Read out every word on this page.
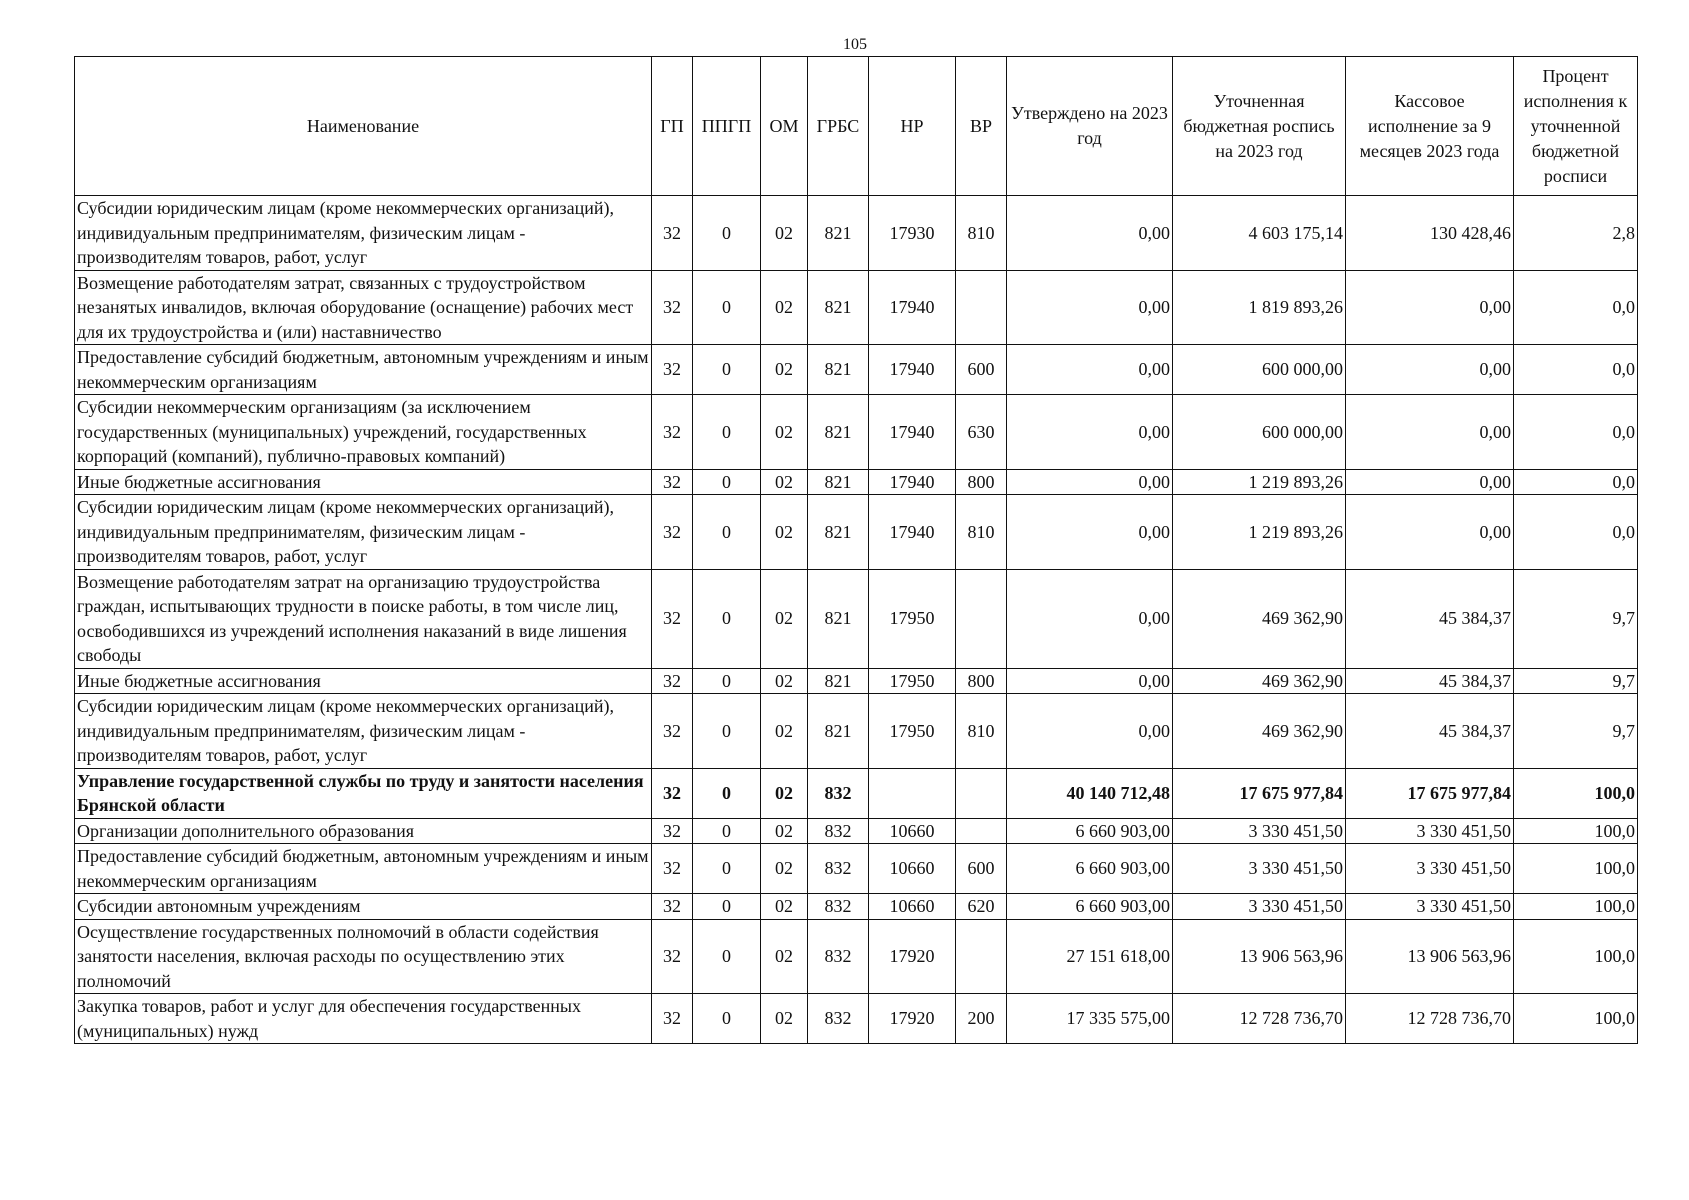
105
Наименование	ГП	ППГП	ОМ	ГРБС	НР	ВР	Утверждено на 2023 год	Уточненная бюджетная роспись на 2023 год	Кассовое исполнение за 9 месяцев 2023 года	Процент исполнения к уточненной бюджетной росписи
Субсидии юридическим лицам (кроме некоммерческих организаций), индивидуальным предпринимателям, физическим лицам - производителям товаров, работ, услуг	32	0	02	821	17930	810	0,00	4 603 175,14	130 428,46	2,8
Возмещение работодателям затрат, связанных с трудоустройством незанятых инвалидов, включая оборудование (оснащение) рабочих мест для их трудоустройства и (или) наставничество	32	0	02	821	17940		0,00	1 819 893,26	0,00	0,0
Предоставление субсидий бюджетным, автономным учреждениям и иным некоммерческим организациям	32	0	02	821	17940	600	0,00	600 000,00	0,00	0,0
Субсидии некоммерческим организациям (за исключением государственных (муниципальных) учреждений, государственных корпораций (компаний), публично-правовых компаний)	32	0	02	821	17940	630	0,00	600 000,00	0,00	0,0
Иные бюджетные ассигнования	32	0	02	821	17940	800	0,00	1 219 893,26	0,00	0,0
Субсидии юридическим лицам (кроме некоммерческих организаций), индивидуальным предпринимателям, физическим лицам - производителям товаров, работ, услуг	32	0	02	821	17940	810	0,00	1 219 893,26	0,00	0,0
Возмещение работодателям затрат на организацию трудоустройства граждан, испытывающих трудности в поиске работы, в том числе лиц, освободившихся из учреждений исполнения наказаний в виде лишения свободы	32	0	02	821	17950		0,00	469 362,90	45 384,37	9,7
Иные бюджетные ассигнования	32	0	02	821	17950	800	0,00	469 362,90	45 384,37	9,7
Субсидии юридическим лицам (кроме некоммерческих организаций), индивидуальным предпринимателям, физическим лицам - производителям товаров, работ, услуг	32	0	02	821	17950	810	0,00	469 362,90	45 384,37	9,7
Управление государственной службы по труду и занятости населения Брянской области	32	0	02	832			40 140 712,48	17 675 977,84	17 675 977,84	100,0
Организации дополнительного образования	32	0	02	832	10660		6 660 903,00	3 330 451,50	3 330 451,50	100,0
Предоставление субсидий бюджетным, автономным учреждениям и иным некоммерческим организациям	32	0	02	832	10660	600	6 660 903,00	3 330 451,50	3 330 451,50	100,0
Субсидии автономным учреждениям	32	0	02	832	10660	620	6 660 903,00	3 330 451,50	3 330 451,50	100,0
Осуществление государственных полномочий в области содействия занятости населения, включая расходы по осуществлению этих полномочий	32	0	02	832	17920		27 151 618,00	13 906 563,96	13 906 563,96	100,0
Закупка товаров, работ и услуг для обеспечения государственных (муниципальных) нужд	32	0	02	832	17920	200	17 335 575,00	12 728 736,70	12 728 736,70	100,0
